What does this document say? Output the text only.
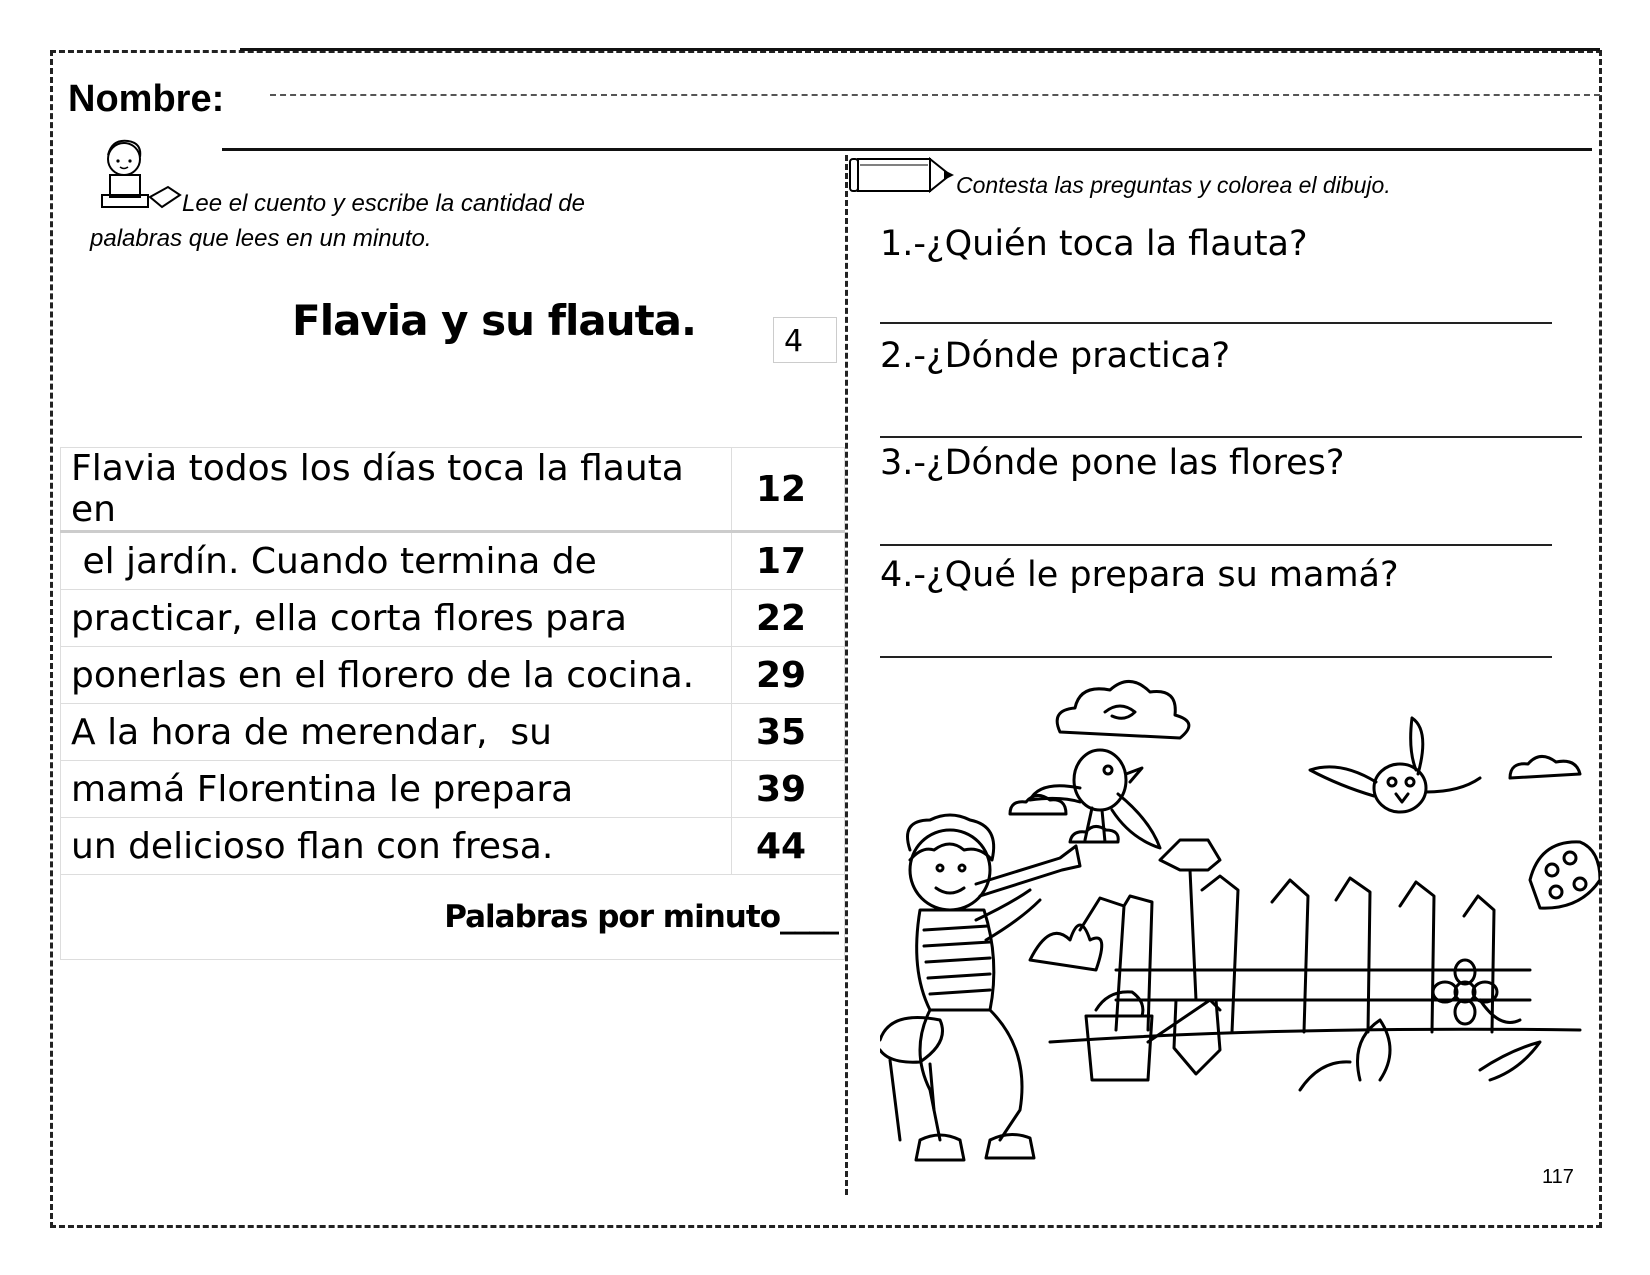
Nombre:
Lee el cuento y escribe la cantidad de
palabras que lees en un minuto.
Flavia y su flauta.	4
Flavia todos los días toca la flauta en	12
el jardín. Cuando termina de	17
practicar, ella corta flores para	22
ponerlas en el florero de la cocina.	29
A la hora de merendar,  su	35
mamá Florentina le prepara	39
un delicioso flan con fresa.	44
Palabras por minuto____	
Contesta las preguntas y colorea el dibujo.
1.-¿Quién toca la flauta?
2.-¿Dónde practica?
3.-¿Dónde pone las flores?
4.-¿Qué le prepara su mamá?
117
